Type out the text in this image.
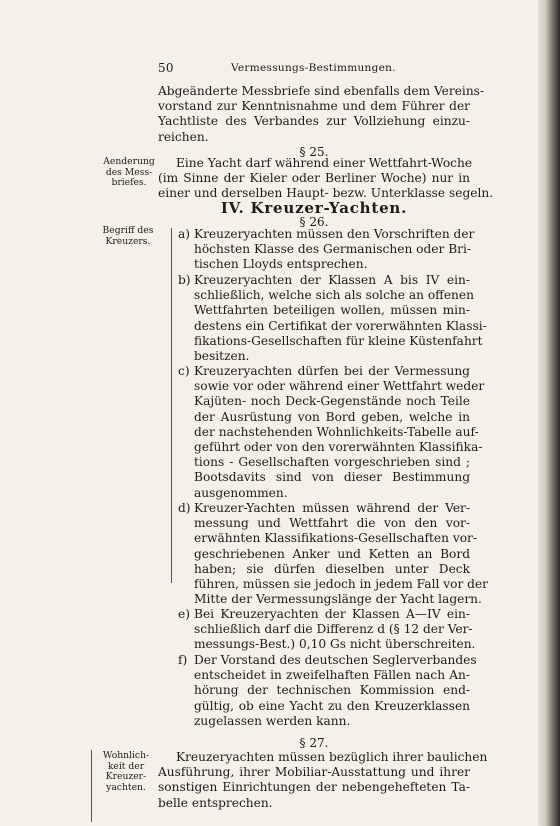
50	Vermessungs-Bestimmungen.
Abgeänderte Messbriefe sind ebenfalls dem Vereins-
vorstand zur Kenntnisnahme und dem Führer der
Yachtliste des Verbandes zur Vollziehung einzu-
reichen.
§ 25.
Aenderung
des Mess-
briefes.
Eine Yacht darf während einer Wettfahrt-Woche
(im Sinne der Kieler oder Berliner Woche) nur in
einer und derselben Haupt- bezw. Unterklasse segeln.
IV. Kreuzer-Yachten.
§ 26.
Begriff des
Kreuzers.	a) Kreuzeryachten müssen den Vorschriften der
höchsten Klasse des Germanischen oder Bri-
tischen Lloyds entsprechen.
b) Kreuzeryachten der Klassen A bis IV ein-
schließlich, welche sich als solche an offenen
Wettfahrten beteiligen wollen, müssen min-
destens ein Certifikat der vorerwähnten Klassi-
fikations-Gesellschaften für kleine Küstenfahrt
besitzen.
c) Kreuzeryachten dürfen bei der Vermessung
sowie vor oder während einer Wettfahrt weder
Kajüten- noch Deck-Gegenstände noch Teile
der Ausrüstung von Bord geben, welche in
der nachstehenden Wohnlichkeits-Tabelle auf-
geführt oder von den vorerwähnten Klassifika-
tions - Gesellschaften vorgeschrieben sind ;
Bootsdavits sind von dieser Bestimmung
ausgenommen.
d) Kreuzer-Yachten müssen während der Ver-
messung und Wettfahrt die von den vor-
erwähnten Klassifikations-Gesellschaften vor-
geschriebenen Anker und Ketten an Bord
haben; sie dürfen dieselben unter Deck
führen, müssen sie jedoch in jedem Fall vor der
Mitte der Vermessungslänge der Yacht lagern.
e) Bei Kreuzeryachten der Klassen A—IV ein-
schließlich darf die Differenz d (§ 12 der Ver-
messungs-Best.) 0,10 Gs nicht überschreiten.
f) Der Vorstand des deutschen Seglerverbandes
entscheidet in zweifelhaften Fällen nach An-
hörung der technischen Kommission end-
gültig, ob eine Yacht zu den Kreuzerklassen
zugelassen werden kann.
§ 27.
Wohnlich-
keit der
Kreuzer-
yachten.
Kreuzeryachten müssen bezüglich ihrer baulichen
Ausführung, ihrer Mobiliar-Ausstattung und ihrer
sonstigen Einrichtungen der nebengehefteten Ta-
belle entsprechen.
